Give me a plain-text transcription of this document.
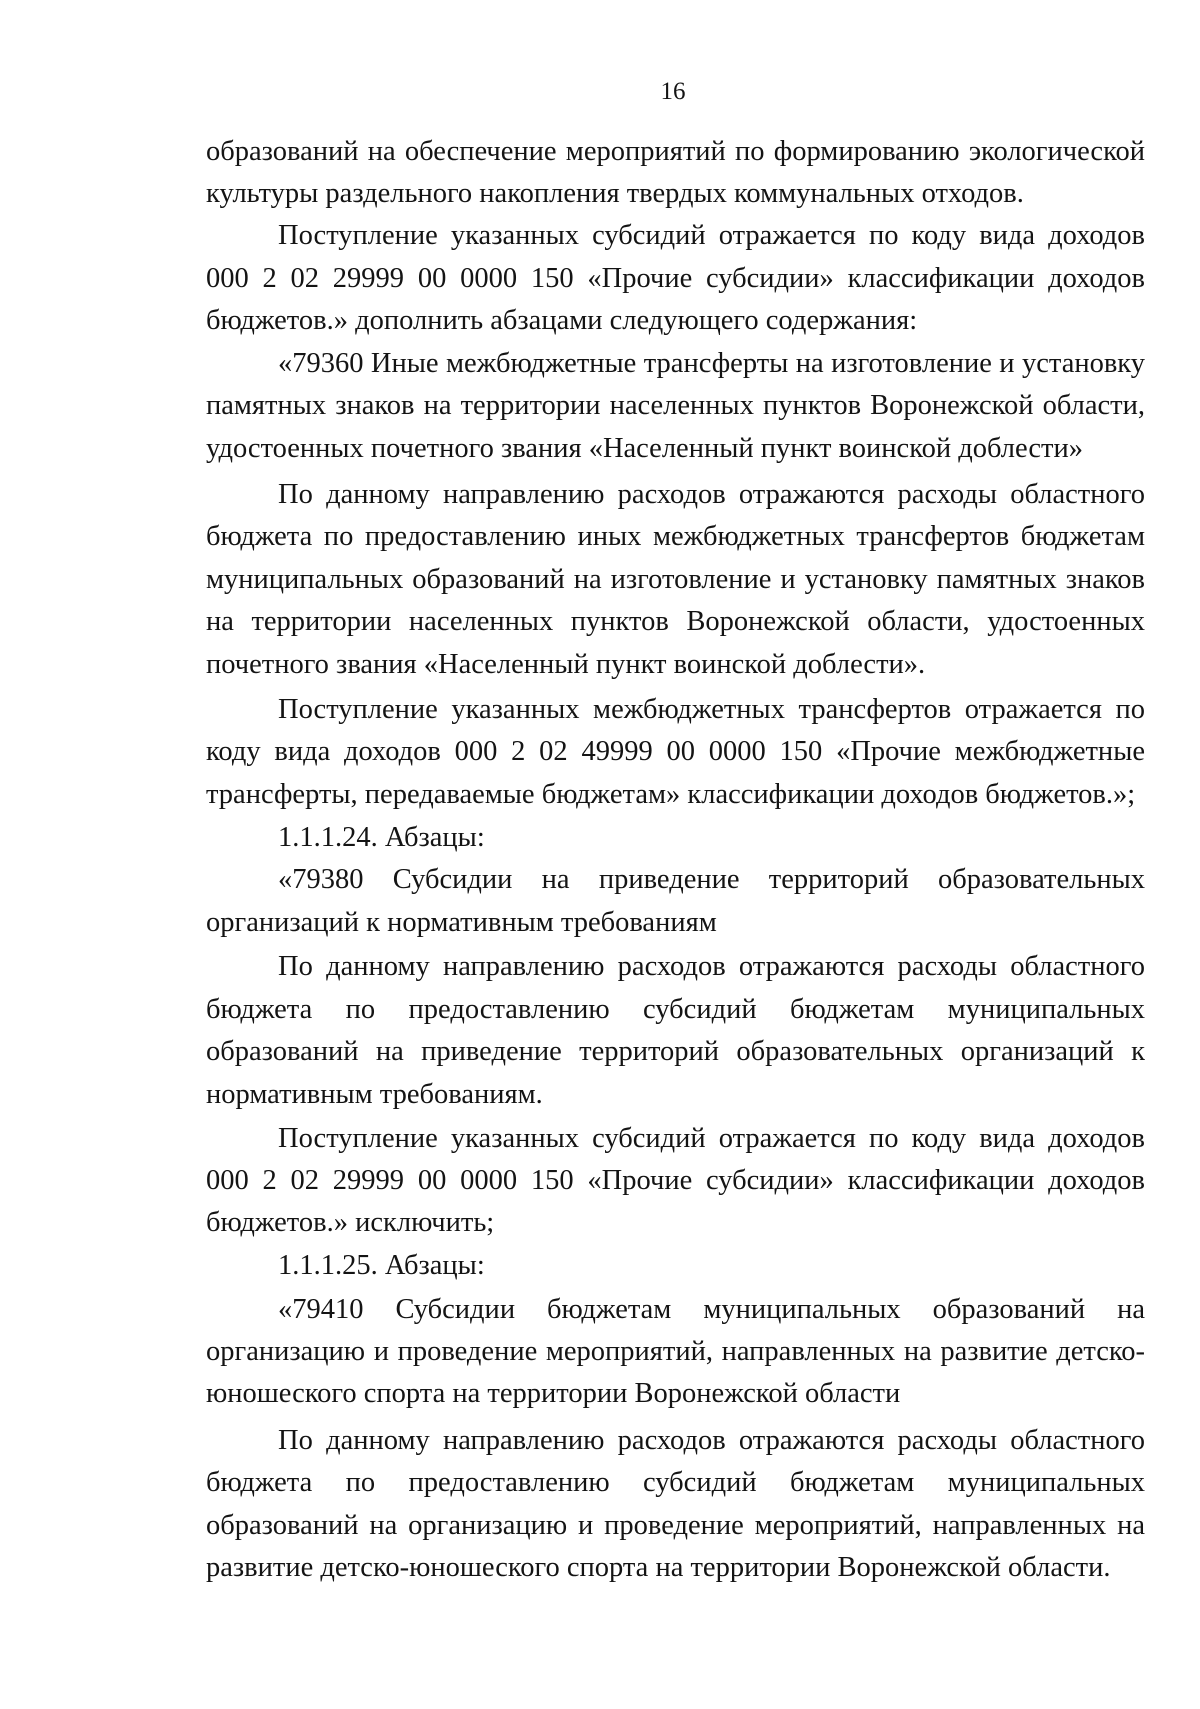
16
образований на обеспечение мероприятий по формированию экологической
культуры раздельного накопления твердых коммунальных отходов.
Поступление указанных субсидий отражается по коду вида доходов
000 2 02 29999 00 0000 150 «Прочие субсидии» классификации доходов
бюджетов.» дополнить абзацами следующего содержания:
«79360 Иные межбюджетные трансферты на изготовление и установку
памятных знаков на территории населенных пунктов Воронежской области,
удостоенных почетного звания «Населенный пункт воинской доблести»
По данному направлению расходов отражаются расходы областного
бюджета по предоставлению иных межбюджетных трансфертов бюджетам
муниципальных образований на изготовление и установку памятных знаков
на территории населенных пунктов Воронежской области, удостоенных
почетного звания «Населенный пункт воинской доблести».
Поступление указанных межбюджетных трансфертов отражается по
коду вида доходов 000 2 02 49999 00 0000 150 «Прочие межбюджетные
трансферты, передаваемые бюджетам» классификации доходов бюджетов.»;
1.1.1.24. Абзацы:
«79380 Субсидии на приведение территорий образовательных
организаций к нормативным требованиям
По данному направлению расходов отражаются расходы областного
бюджета по предоставлению субсидий бюджетам муниципальных
образований на приведение территорий образовательных организаций к
нормативным требованиям.
Поступление указанных субсидий отражается по коду вида доходов
000 2 02 29999 00 0000 150 «Прочие субсидии» классификации доходов
бюджетов.» исключить;
1.1.1.25. Абзацы:
«79410 Субсидии бюджетам муниципальных образований на
организацию и проведение мероприятий, направленных на развитие детско-
юношеского спорта на территории Воронежской области
По данному направлению расходов отражаются расходы областного
бюджета по предоставлению субсидий бюджетам муниципальных
образований на организацию и проведение мероприятий, направленных на
развитие детско-юношеского спорта на территории Воронежской области.
